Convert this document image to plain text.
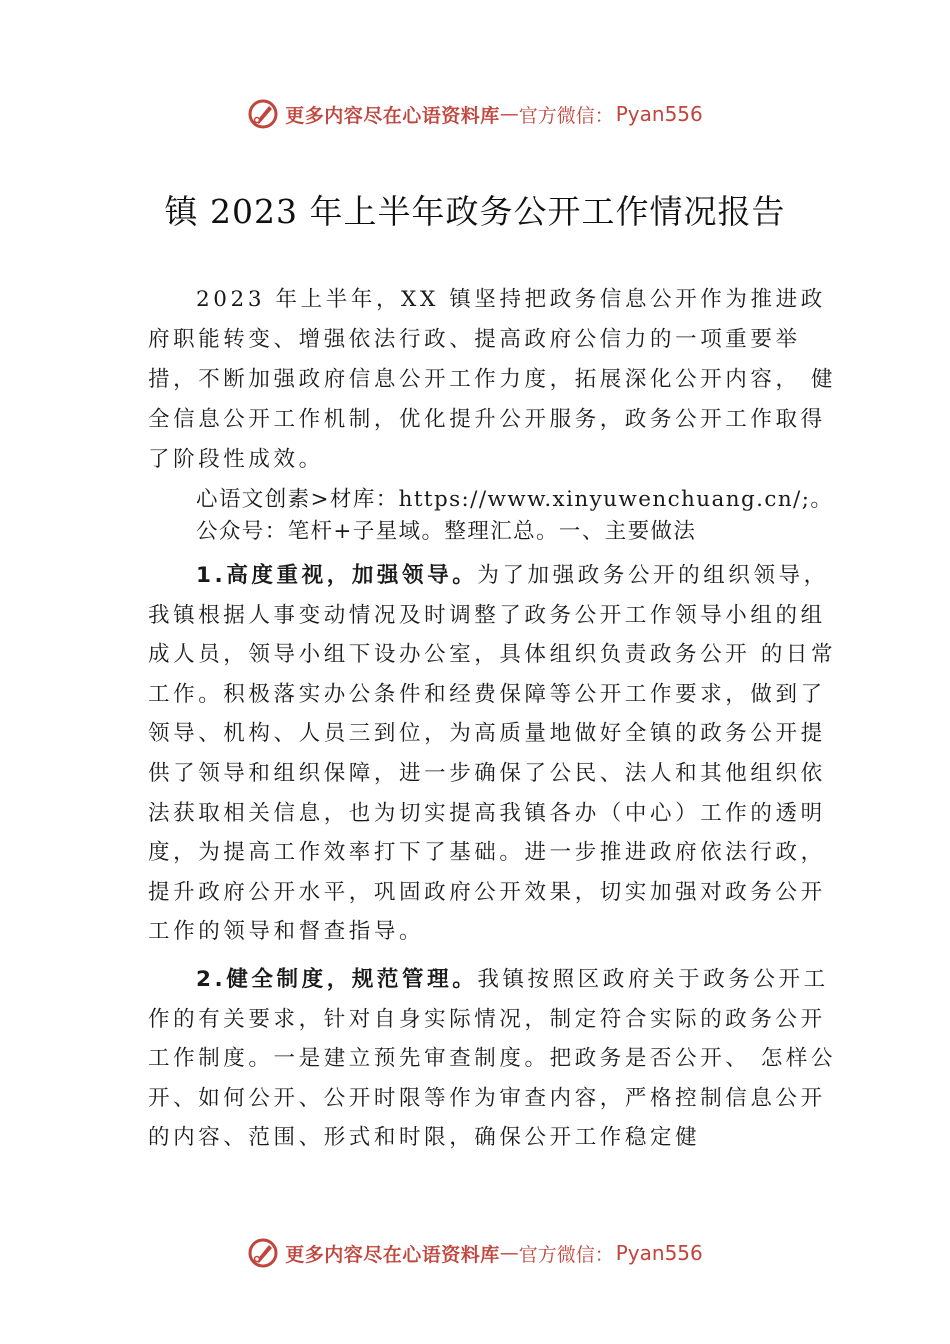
更多内容尽在心语资料库 — 官方微信： Pyan556
镇 2023 年上半年政务公开工作情况报告

2023 年上半年，XX 镇坚持把政务信息公开作为推进政府职能转变、增强依法行政、提高政府公信力的一项重要举措，不断加强政府信息公开工作力度，拓展深化公开内容， 健全信息公开工作机制，优化提升公开服务，政务公开工作取得了阶段性成效。

心语文创素>材库：https://www.xinyuwenchuang.cn/;。
公众号：笔杆+子星域。整理汇总。一、主要做法

1.高度重视，加强领导。为了加强政务公开的组织领导，我镇根据人事变动情况及时调整了政务公开工作领导小组的组成人员，领导小组下设办公室，具体组织负责政务公开 的日常工作。积极落实办公条件和经费保障等公开工作要求，做到了领导、机构、人员三到位，为高质量地做好全镇的政务公开提供了领导和组织保障，进一步确保了公民、法人和其他组织依法获取相关信息，也为切实提高我镇各办（中心）工作的透明度，为提高工作效率打下了基础。进一步推进政府依法行政，提升政府公开水平，巩固政府公开效果，切实加强对政务公开工作的领导和督查指导。

2.健全制度，规范管理。我镇按照区政府关于政务公开工作的有关要求，针对自身实际情况，制定符合实际的政务公开工作制度。一是建立预先审查制度。把政务是否公开、 怎样公开、如何公开、公开时限等作为审查内容，严格控制信息公开的内容、范围、形式和时限，确保公开工作稳定健

更多内容尽在心语资料库 — 官方微信： Pyan556
